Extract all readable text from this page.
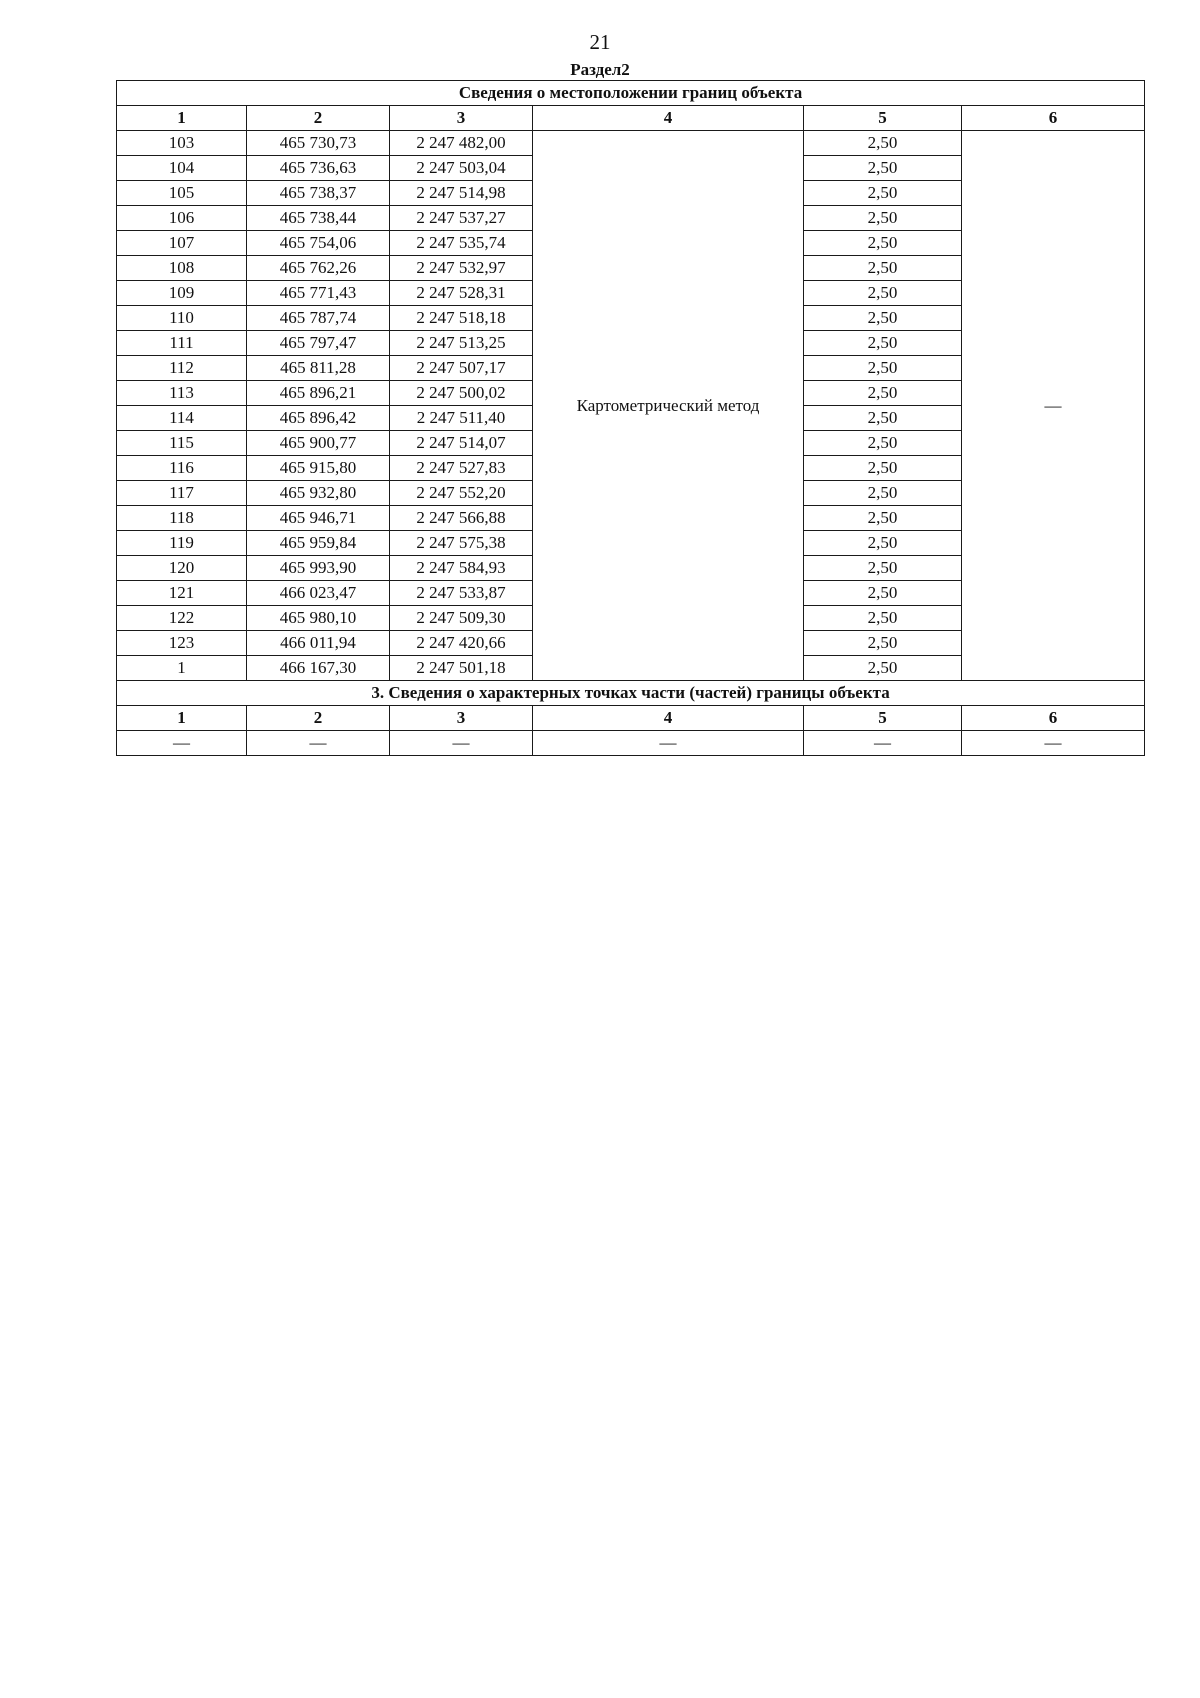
21
Раздел2
Сведения о местоположении границ объекта					
1	2	3	4	5	6
103	465 730,73	2 247 482,00	Картометрический метод	2,50	—
104	465 736,63	2 247 503,04		2,50	
105	465 738,37	2 247 514,98		2,50	
106	465 738,44	2 247 537,27		2,50	
107	465 754,06	2 247 535,74		2,50	
108	465 762,26	2 247 532,97		2,50	
109	465 771,43	2 247 528,31		2,50	
110	465 787,74	2 247 518,18		2,50	
111	465 797,47	2 247 513,25		2,50	
112	465 811,28	2 247 507,17		2,50	
113	465 896,21	2 247 500,02		2,50	
114	465 896,42	2 247 511,40		2,50	
115	465 900,77	2 247 514,07		2,50	
116	465 915,80	2 247 527,83		2,50	
117	465 932,80	2 247 552,20		2,50	
118	465 946,71	2 247 566,88		2,50	
119	465 959,84	2 247 575,38		2,50	
120	465 993,90	2 247 584,93		2,50	
121	466 023,47	2 247 533,87		2,50	
122	465 980,10	2 247 509,30		2,50	
123	466 011,94	2 247 420,66		2,50	
1	466 167,30	2 247 501,18		2,50	
3. Сведения о характерных точках части (частей) границы объекта					
1	2	3	4	5	6
—	—	—	—	—	—
